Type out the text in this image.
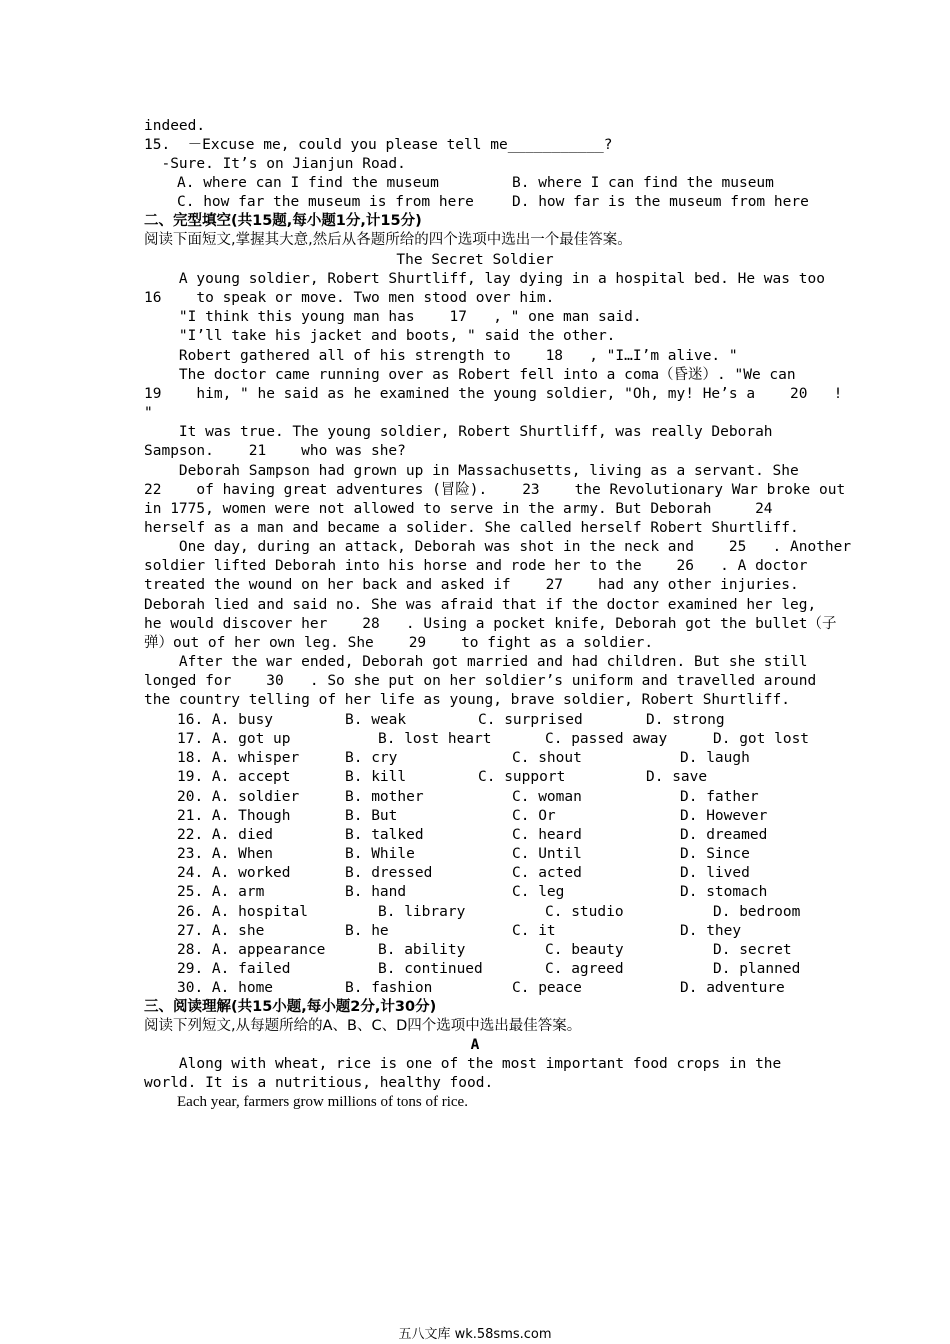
indeed.
15.  －Excuse me, could you please tell me___________?
-Sure. It’s on Jianjun Road.
A. where can I find the museum	B. where I can find the museum
C. how far the museum is from here	D. how far is the museum from here
二、完型填空(共15题,每小题1分,计15分)
阅读下面短文,掌握其大意,然后从各题所给的四个选项中选出一个最佳答案。
The Secret Soldier
A young soldier, Robert Shurtliff, lay dying in a hospital bed. He was too
16    to speak or move. Two men stood over him.
"I think this young man has    17   , " one man said.
"I’ll take his jacket and boots, " said the other.
Robert gathered all of his strength to    18   , "I…I’m alive. "
The doctor came running over as Robert fell into a coma（昏迷）. "We can
19    him, " he said as he examined the young soldier, "Oh, my! He’s a    20   !
"
It was true. The young soldier, Robert Shurtliff, was really Deborah
Sampson.    21    who was she?
Deborah Sampson had grown up in Massachusetts, living as a servant. She
22    of having great adventures (冒险).    23    the Revolutionary War broke out
in 1775, women were not allowed to serve in the army. But Deborah     24
herself as a man and became a solider. She called herself Robert Shurtliff.
One day, during an attack, Deborah was shot in the neck and    25   . Another
soldier lifted Deborah into his horse and rode her to the    26   . A doctor
treated the wound on her back and asked if    27    had any other injuries.
Deborah lied and said no. She was afraid that if the doctor examined her leg,
he would discover her    28   . Using a pocket knife, Deborah got the bullet（子
弹）out of her own leg. She    29    to fight as a soldier.
After the war ended, Deborah got married and had children. But she still
longed for    30   . So she put on her soldier’s uniform and travelled around
the country telling of her life as young, brave soldier, Robert Shurtliff.
16. A. busy	B. weak	C. surprised	D. strong
17. A. got up	B. lost heart	C. passed away	D. got lost
18. A. whisper	B. cry	C. shout	D. laugh
19. A. accept	B. kill	C. support	D. save
20. A. soldier	B. mother	C. woman	D. father
21. A. Though	B. But	C. Or	D. However
22. A. died	B. talked	C. heard	D. dreamed
23. A. When	B. While	C. Until	D. Since
24. A. worked	B. dressed	C. acted	D. lived
25. A. arm	B. hand	C. leg	D. stomach
26. A. hospital	B. library	C. studio	D. bedroom
27. A. she	B. he	C. it	D. they
28. A. appearance	B. ability	C. beauty	D. secret
29. A. failed	B. continued	C. agreed	D. planned
30. A. home	B. fashion	C. peace	D. adventure
三、阅读理解(共15小题,每小题2分,计30分)
阅读下列短文,从每题所给的A、B、C、D四个选项中选出最佳答案。
A
Along with wheat, rice is one of the most important food crops in the
world. It is a nutritious, healthy food.
Each year, farmers grow millions of tons of rice.
五八文库 wk.58sms.com
